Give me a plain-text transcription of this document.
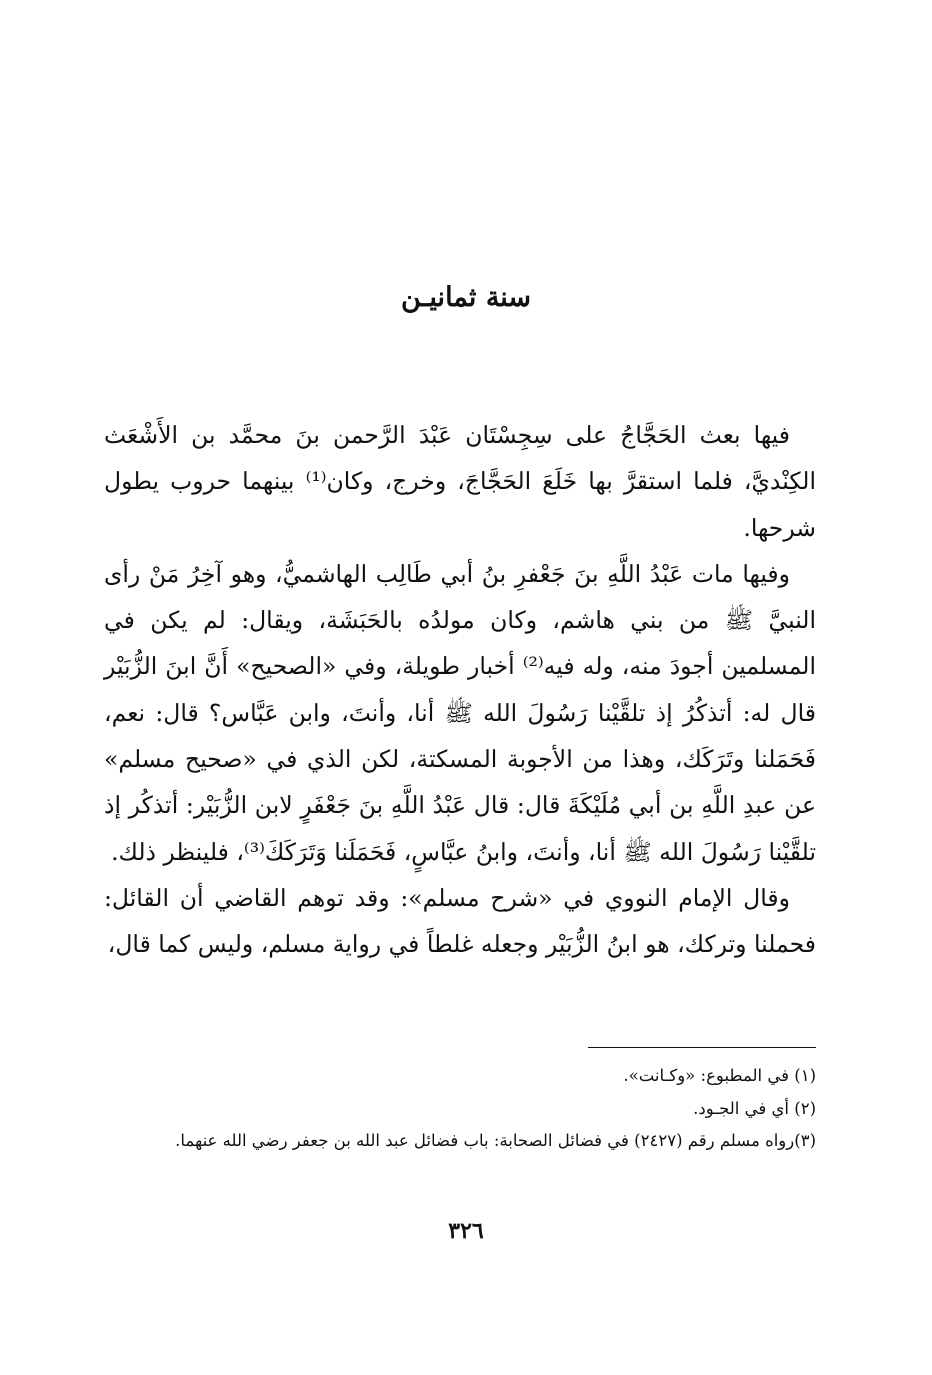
سنة ثمانيـن

فيها بعث الحَجَّاجُ على سِجِسْتَان عَبْدَ الرَّحمن بنَ محمَّد بن الأَشْعَث الكِنْديَّ، فلما استقرَّ بها خَلَعَ الحَجَّاجَ، وخرج، وكان⁽¹⁾ بينهما حروب يطول شرحها.

وفيها مات عَبْدُ اللَّهِ بنَ جَعْفرِ بنُ أبي طَالِب الهاشميُّ، وهو آخِرُ مَنْ رأى النبيَّ ﷺ من بني هاشم، وكان مولدُه بالحَبَشَة، ويقال: لم يكن في المسلمين أجودَ منه، وله فيه⁽²⁾ أخبار طويلة، وفي «الصحيح» أَنَّ ابنَ الزُّبَيْر قال له: أتذكُرُ إذ تلقَّيْنا رَسُولَ الله ﷺ أنا، وأنتَ، وابن عَبَّاس؟ قال: نعم، فَحَمَلنا وتَرَكَك، وهذا من الأجوبة المسكتة، لكن الذي في «صحيح مسلم» عن عبدِ اللَّهِ بن أبي مُلَيْكَةَ قال: قال عَبْدُ اللَّهِ بنَ جَعْفَرٍ لابن الزُّبَيْر: أتذكُر إذ تلقَّيْنا رَسُولَ الله ﷺ أنا، وأنتَ، وابنُ عبَّاسٍ، فَحَمَلَنا وَتَرَكَكَ⁽³⁾، فلينظر ذلك.

وقال الإمام النووي في «شرح مسلم»: وقد توهم القاضي أن القائل: فحملنا وتركك، هو ابنُ الزُّبَيْر وجعله غلطاً في رواية مسلم، وليس كما قال،

(١) في المطبوع: «وكـانت».

(٢) أي في الجـود.

(٣)رواه مسلم رقم (٢٤٢٧) في فضائل الصحابة: باب فضائل عبد الله بن جعفر رضي الله عنهما.

٣٢٦
